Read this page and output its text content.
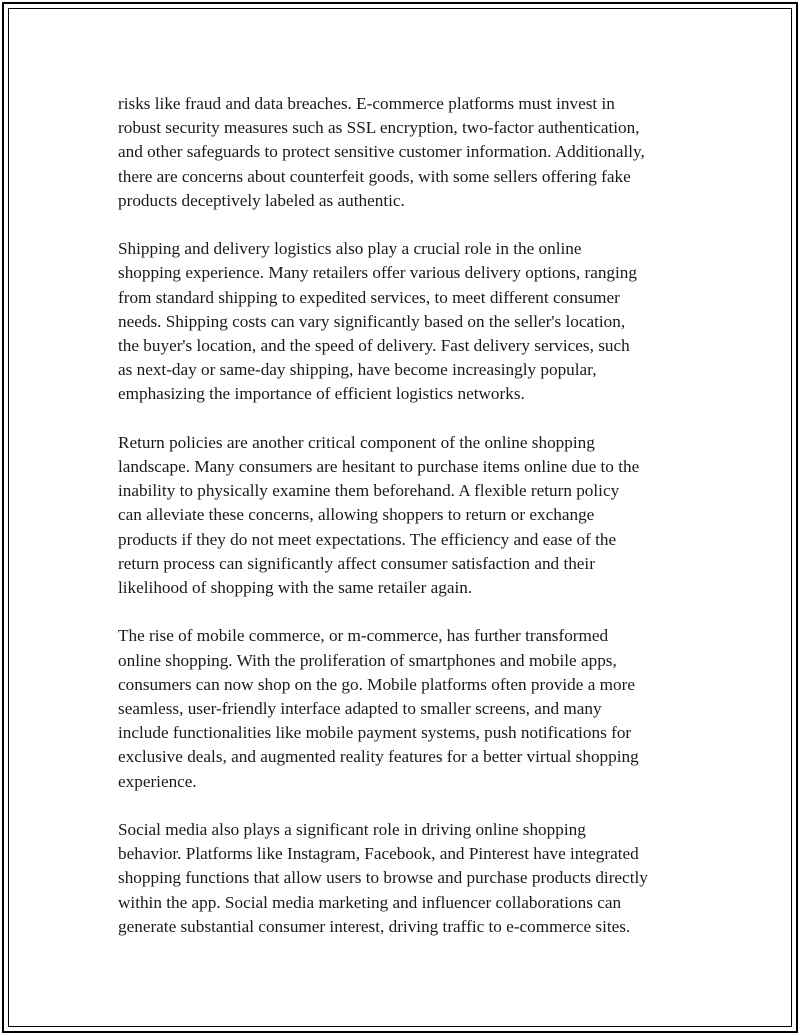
risks like fraud and data breaches. E-commerce platforms must invest in
robust security measures such as SSL encryption, two-factor authentication,
and other safeguards to protect sensitive customer information. Additionally,
there are concerns about counterfeit goods, with some sellers offering fake
products deceptively labeled as authentic.

Shipping and delivery logistics also play a crucial role in the online
shopping experience. Many retailers offer various delivery options, ranging
from standard shipping to expedited services, to meet different consumer
needs. Shipping costs can vary significantly based on the seller's location,
the buyer's location, and the speed of delivery. Fast delivery services, such
as next-day or same-day shipping, have become increasingly popular,
emphasizing the importance of efficient logistics networks.

Return policies are another critical component of the online shopping
landscape. Many consumers are hesitant to purchase items online due to the
inability to physically examine them beforehand. A flexible return policy
can alleviate these concerns, allowing shoppers to return or exchange
products if they do not meet expectations. The efficiency and ease of the
return process can significantly affect consumer satisfaction and their
likelihood of shopping with the same retailer again.

The rise of mobile commerce, or m-commerce, has further transformed
online shopping. With the proliferation of smartphones and mobile apps,
consumers can now shop on the go. Mobile platforms often provide a more
seamless, user-friendly interface adapted to smaller screens, and many
include functionalities like mobile payment systems, push notifications for
exclusive deals, and augmented reality features for a better virtual shopping
experience.

Social media also plays a significant role in driving online shopping
behavior. Platforms like Instagram, Facebook, and Pinterest have integrated
shopping functions that allow users to browse and purchase products directly
within the app. Social media marketing and influencer collaborations can
generate substantial consumer interest, driving traffic to e-commerce sites.
